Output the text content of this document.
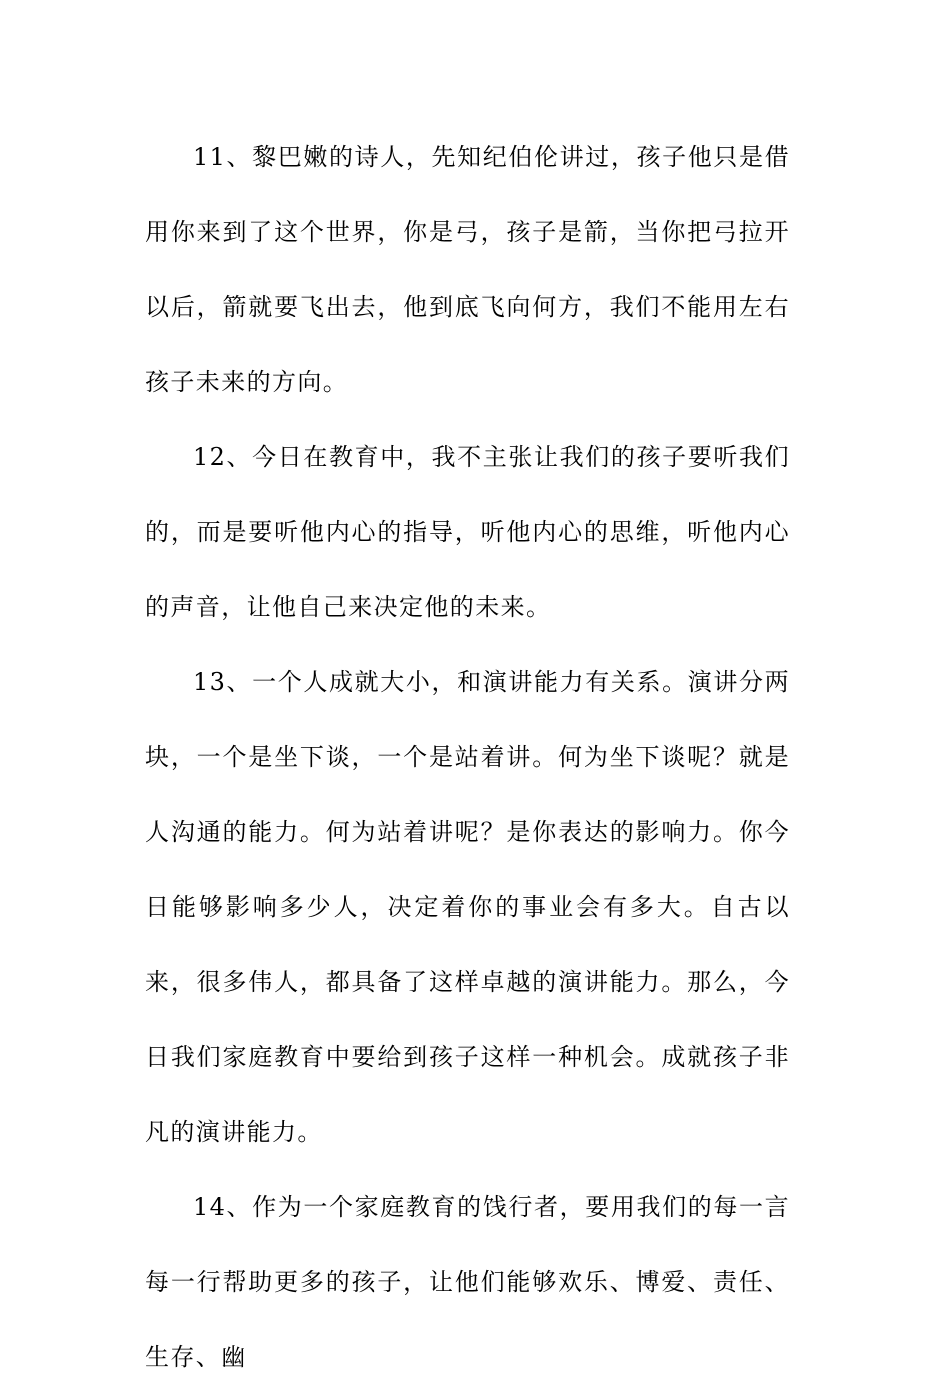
11、黎巴嫩的诗人，先知纪伯伦讲过，孩子他只是借用你来到了这个世界，你是弓，孩子是箭，当你把弓拉开以后，箭就要飞出去，他到底飞向何方，我们不能用左右孩子未来的方向。

12、今日在教育中，我不主张让我们的孩子要听我们的，而是要听他内心的指导，听他内心的思维，听他内心的声音，让他自己来决定他的未来。

13、一个人成就大小，和演讲能力有关系。演讲分两块，一个是坐下谈，一个是站着讲。何为坐下谈呢？就是人沟通的能力。何为站着讲呢？是你表达的影响力。你今日能够影响多少人，决定着你的事业会有多大。自古以来，很多伟人，都具备了这样卓越的演讲能力。那么，今日我们家庭教育中要给到孩子这样一种机会。成就孩子非凡的演讲能力。

14、作为一个家庭教育的饯行者，要用我们的每一言每一行帮助更多的孩子，让他们能够欢乐、博爱、责任、生存、幽
